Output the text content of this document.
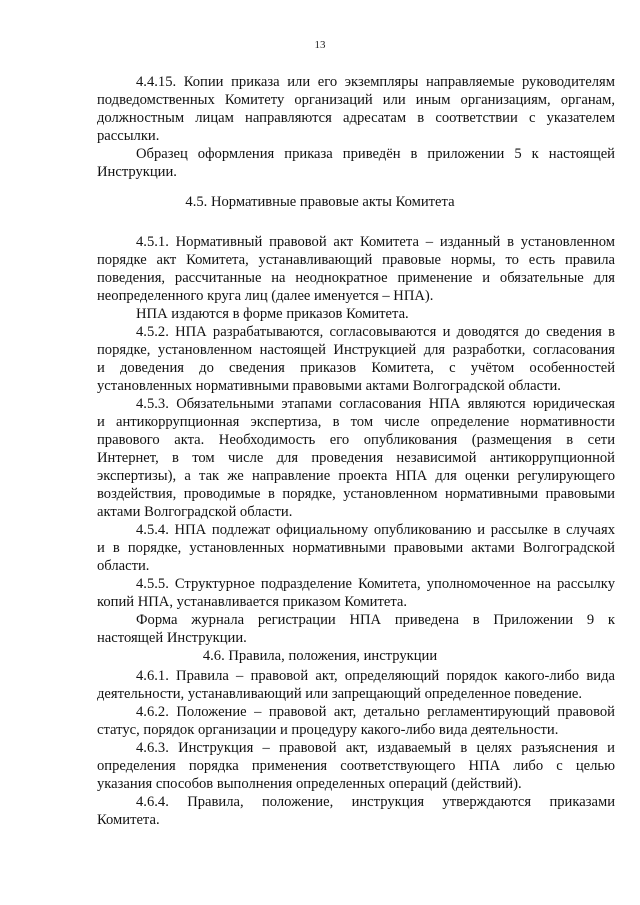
13
4.4.15. Копии приказа или его экземпляры направляемые руководителям
подведомственных Комитету организаций или иным организациям, органам,
должностным лицам направляются адресатам в соответствии с указателем
рассылки.
Образец оформления приказа приведён в приложении 5 к настоящей
Инструкции.
4.5. Нормативные правовые акты Комитета
4.5.1. Нормативный правовой акт Комитета – изданный в установленном
порядке акт Комитета, устанавливающий правовые нормы, то есть правила
поведения, рассчитанные на неоднократное применение и обязательные для
неопределенного круга лиц (далее именуется – НПА).
НПА издаются в форме приказов Комитета.
4.5.2. НПА разрабатываются, согласовываются и доводятся до сведения в
порядке, установленном настоящей Инструкцией для разработки, согласования
и доведения до сведения приказов Комитета, с учётом особенностей
установленных нормативными правовыми актами Волгоградской области.
4.5.3. Обязательными этапами согласования НПА являются юридическая
и антикоррупционная экспертиза, в том числе определение нормативности
правового акта. Необходимость его опубликования (размещения в сети
Интернет, в том числе для проведения независимой антикоррупционной
экспертизы), а так же направление проекта НПА для оценки регулирующего
воздействия, проводимые в порядке, установленном нормативными правовыми
актами Волгоградской области.
4.5.4. НПА подлежат официальному опубликованию и рассылке в случаях
и в порядке, установленных нормативными правовыми актами Волгоградской
области.
4.5.5. Структурное подразделение Комитета, уполномоченное на рассылку
копий НПА, устанавливается приказом Комитета.
Форма журнала регистрации НПА приведена в Приложении 9 к
настоящей Инструкции.
4.6. Правила, положения, инструкции
4.6.1. Правила – правовой акт, определяющий порядок какого-либо вида
деятельности, устанавливающий или запрещающий определенное поведение.
4.6.2. Положение – правовой акт, детально регламентирующий правовой
статус, порядок организации и процедуру какого-либо вида деятельности.
4.6.3. Инструкция – правовой акт, издаваемый в целях разъяснения и
определения порядка применения соответствующего НПА либо с целью
указания способов выполнения определенных операций (действий).
4.6.4. Правила, положение, инструкция утверждаются приказами
Комитета.
